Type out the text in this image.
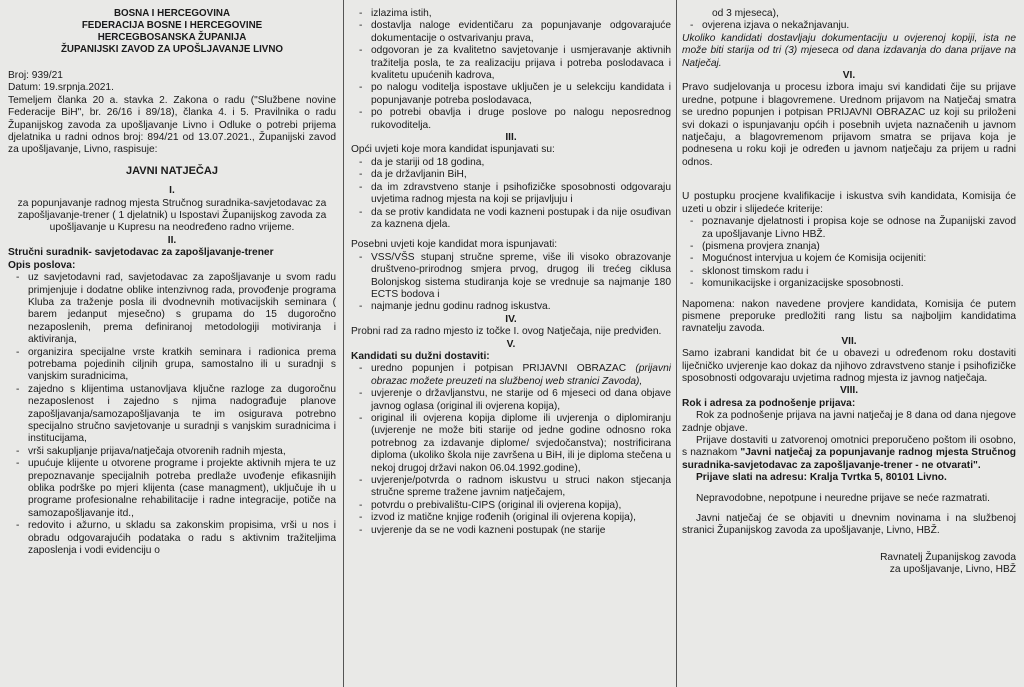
BOSNA I HERCEGOVINA
FEDERACIJA BOSNE I HERCEGOVINE
HERCEGBOSANSKA ŽUPANIJA
ŽUPANIJSKI ZAVOD ZA UPOŠLJAVANJE LIVNO

Broj: 939/21

Datum: 19.srpnja.2021.

Temeljem članka 20 a. stavka 2. Zakona o radu ("Službene novine Federacije BiH", br. 26/16 i 89/18), članka 4. i 5. Pravilnika o radu Županijskog zavoda za upošljavanje Livno i Odluke o potrebi prijema djelatnika u radni odnos broj: 894/21 od 13.07.2021., Županijski zavod za upošljavanje, Livno, raspisuje:

JAVNI NATJEČAJ
I.

za popunjavanje radnog mjesta Stručnog suradnika-savjetodavac za zapošljavanje-trener ( 1 djelatnik) u Ispostavi Županijskog zavoda za upošljavanje u Kupresu na neodređeno radno vrijeme.

II.

Stručni suradnik- savjetodavac za zapošljavanje-trener

Opis poslova:

- uz savjetodavni rad, savjetodavac za zapošljavanje u svom radu primjenjuje i dodatne oblike intenzivnog rada, provođenje programa Kluba za traženje posla ili dvodnevnih motivacijskih seminara ( barem jedanput mjesečno) s grupama do 15 dugoročno nezaposlenih, prema definiranoj metodologiji motiviranja i aktiviranja,
- organizira specijalne vrste kratkih seminara i radionica prema potrebama pojedinih ciljnih grupa, samostalno ili u suradnji s vanjskim suradnicima,
- zajedno s klijentima ustanovljava ključne razloge za dugoročnu nezaposlenost i zajedno s njima nadograđuje planove zapošljavanja/samozapošljavanja te im osigurava potrebno specijalno stručno savjetovanje u suradnji s vanjskim suradnicima i institucijama,
- vrši sakupljanje prijava/natječaja otvorenih radnih mjesta,
- upućuje klijente u otvorene programe i projekte aktivnih mjera te uz prepoznavanje specijalnih potreba predlaže uvođenje efikasnijih oblika podrške po mjeri klijenta (case managment), uključuje ih u programe profesionalne rehabilitacije i radne integracije, potiče na samozapošljavanje itd.,
- redovito i ažurno, u skladu sa zakonskim propisima, vrši u nos i obradu odgovarajućih podataka o radu s aktivnim tražiteljima zaposlenja i vodi evidenciju o
- izlazima istih,
- dostavlja naloge evidentičaru za popunjavanje odgovarajuće dokumentacije o ostvarivanju prava,
- odgovoran je za kvalitetno savjetovanje i usmjeravanje aktivnih tražitelja posla, te za realizaciju prijava i potreba poslodavaca i kvalitetu upućenih kadrova,
- po nalogu voditelja ispostave uključen je u selekciju kandidata i popunjavanje potreba poslodavaca,
- po potrebi obavlja i druge poslove po nalogu neposrednog rukovoditelja.
III.

Opći uvjeti koje mora kandidat ispunjavati su:

- da je stariji od 18 godina,
- da je državljanin BiH,
- da im zdravstveno stanje i psihofizičke sposobnosti odgovaraju uvjetima radnog mjesta na koji se prijavljuju i
- da se protiv kandidata ne vodi kazneni postupak i da nije osuđivan za kaznena djela.

Posebni uvjeti koje kandidat mora ispunjavati:

- VSS/VŠS stupanj stručne spreme, više ili visoko obrazovanje društveno-prirodnog smjera prvog, drugog ili trećeg ciklusa Bolonjskog sistema studiranja koje se vrednuje sa najmanje 180 ECTS bodova i
- najmanje jednu godinu radnog iskustva.
IV.

Probni rad za radno mjesto iz točke I. ovog Natječaja, nije predviđen.

V.

Kandidati su dužni dostaviti:

- uredno popunjen i potpisan PRIJAVNI OBRAZAC (prijavni obrazac možete preuzeti na službenoj web stranici Zavoda),
- uvjerenje o državljanstvu, ne starije od 6 mjeseci od dana objave javnog oglasa (original ili ovjerena kopija),
- original ili ovjerena kopija diplome ili uvjerenja o diplomiranju (uvjerenje ne može biti starije od jedne godine odnosno roka potrebnog za izdavanje diplome/ svjedočanstva); nostrificirana diploma (ukoliko škola nije završena u BiH, ili je diploma stečena u nekoj drugoj državi nakon 06.04.1992.godine),
- uvjerenje/potvrda o radnom iskustvu u struci nakon stjecanja stručne spreme tražene javnim natječajem,
- potvrdu o prebivalištu-CIPS (original ili ovjerena kopija),
- izvod iz matične knjige rođenih (original ili ovjerena kopija),
- uvjerenje da se ne vodi kazneni postupak (ne starije

od 3 mjeseca),

- ovjerena izjava o nekažnjavanju.

Ukoliko kandidati dostavljaju dokumentaciju u ovjerenoj kopiji, ista ne može biti starija od tri (3) mjeseca od dana izdavanja do dana prijave na Natječaj.

VI.

Pravo sudjelovanja u procesu izbora imaju svi kandidati čije su prijave uredne, potpune i blagovremene. Urednom prijavom na Natječaj smatra se uredno popunjen i potpisan PRIJAVNI OBRAZAC uz koji su priloženi svi dokazi o ispunjavanju općih i posebnih uvjeta naznačenih u javnom natječaju, a blagovremenom prijavom smatra se prijava koja je podnesena u roku koji je određen u javnom natječaju za prijem u radni odnos.

U postupku procjene kvalifikacije i iskustva svih kandidata, Komisija će uzeti u obzir i slijedeće kriterije:

- poznavanje djelatnosti i propisa koje se odnose na Županijski zavod za upošljavanje Livno HBŽ.
- (pismena provjera znanja)
- Mogućnost intervjua u kojem će Komisija ocijeniti:
- sklonost timskom radu i
- komunikacijske i organizacijske sposobnosti.

Napomena: nakon navedene provjere kandidata, Komisija će putem pismene preporuke predložiti rang listu sa najboljim kandidatima ravnatelju zavoda.

VII.

Samo izabrani kandidat bit će u obavezi u određenom roku dostaviti liječničko uvjerenje kao dokaz da njihovo zdravstveno stanje i psihofizičke sposobnosti odgovaraju uvjetima radnog mjesta iz javnog natječaja.

VIII.

Rok i adresa za podnošenje prijava:

Rok za podnošenje prijava na javni natječaj je 8 dana od dana njegove zadnje objave.

Prijave dostaviti u zatvorenoj omotnici preporučeno poštom ili osobno, s naznakom "Javni natječaj za popunjavanje radnog mjesta Stručnog suradnika-savjetodavac za zapošljavanje-trener - ne otvarati".

Prijave slati na adresu: Kralja Tvrtka 5, 80101 Livno.

Nepravodobne, nepotpune i neuredne prijave se neće razmatrati.

Javni natječaj će se objaviti u dnevnim novinama i na službenoj stranici Županijskog zavoda za upošljavanje, Livno, HBŽ.

Ravnatelj Županijskog zavoda

za upošljavanje, Livno, HBŽ
